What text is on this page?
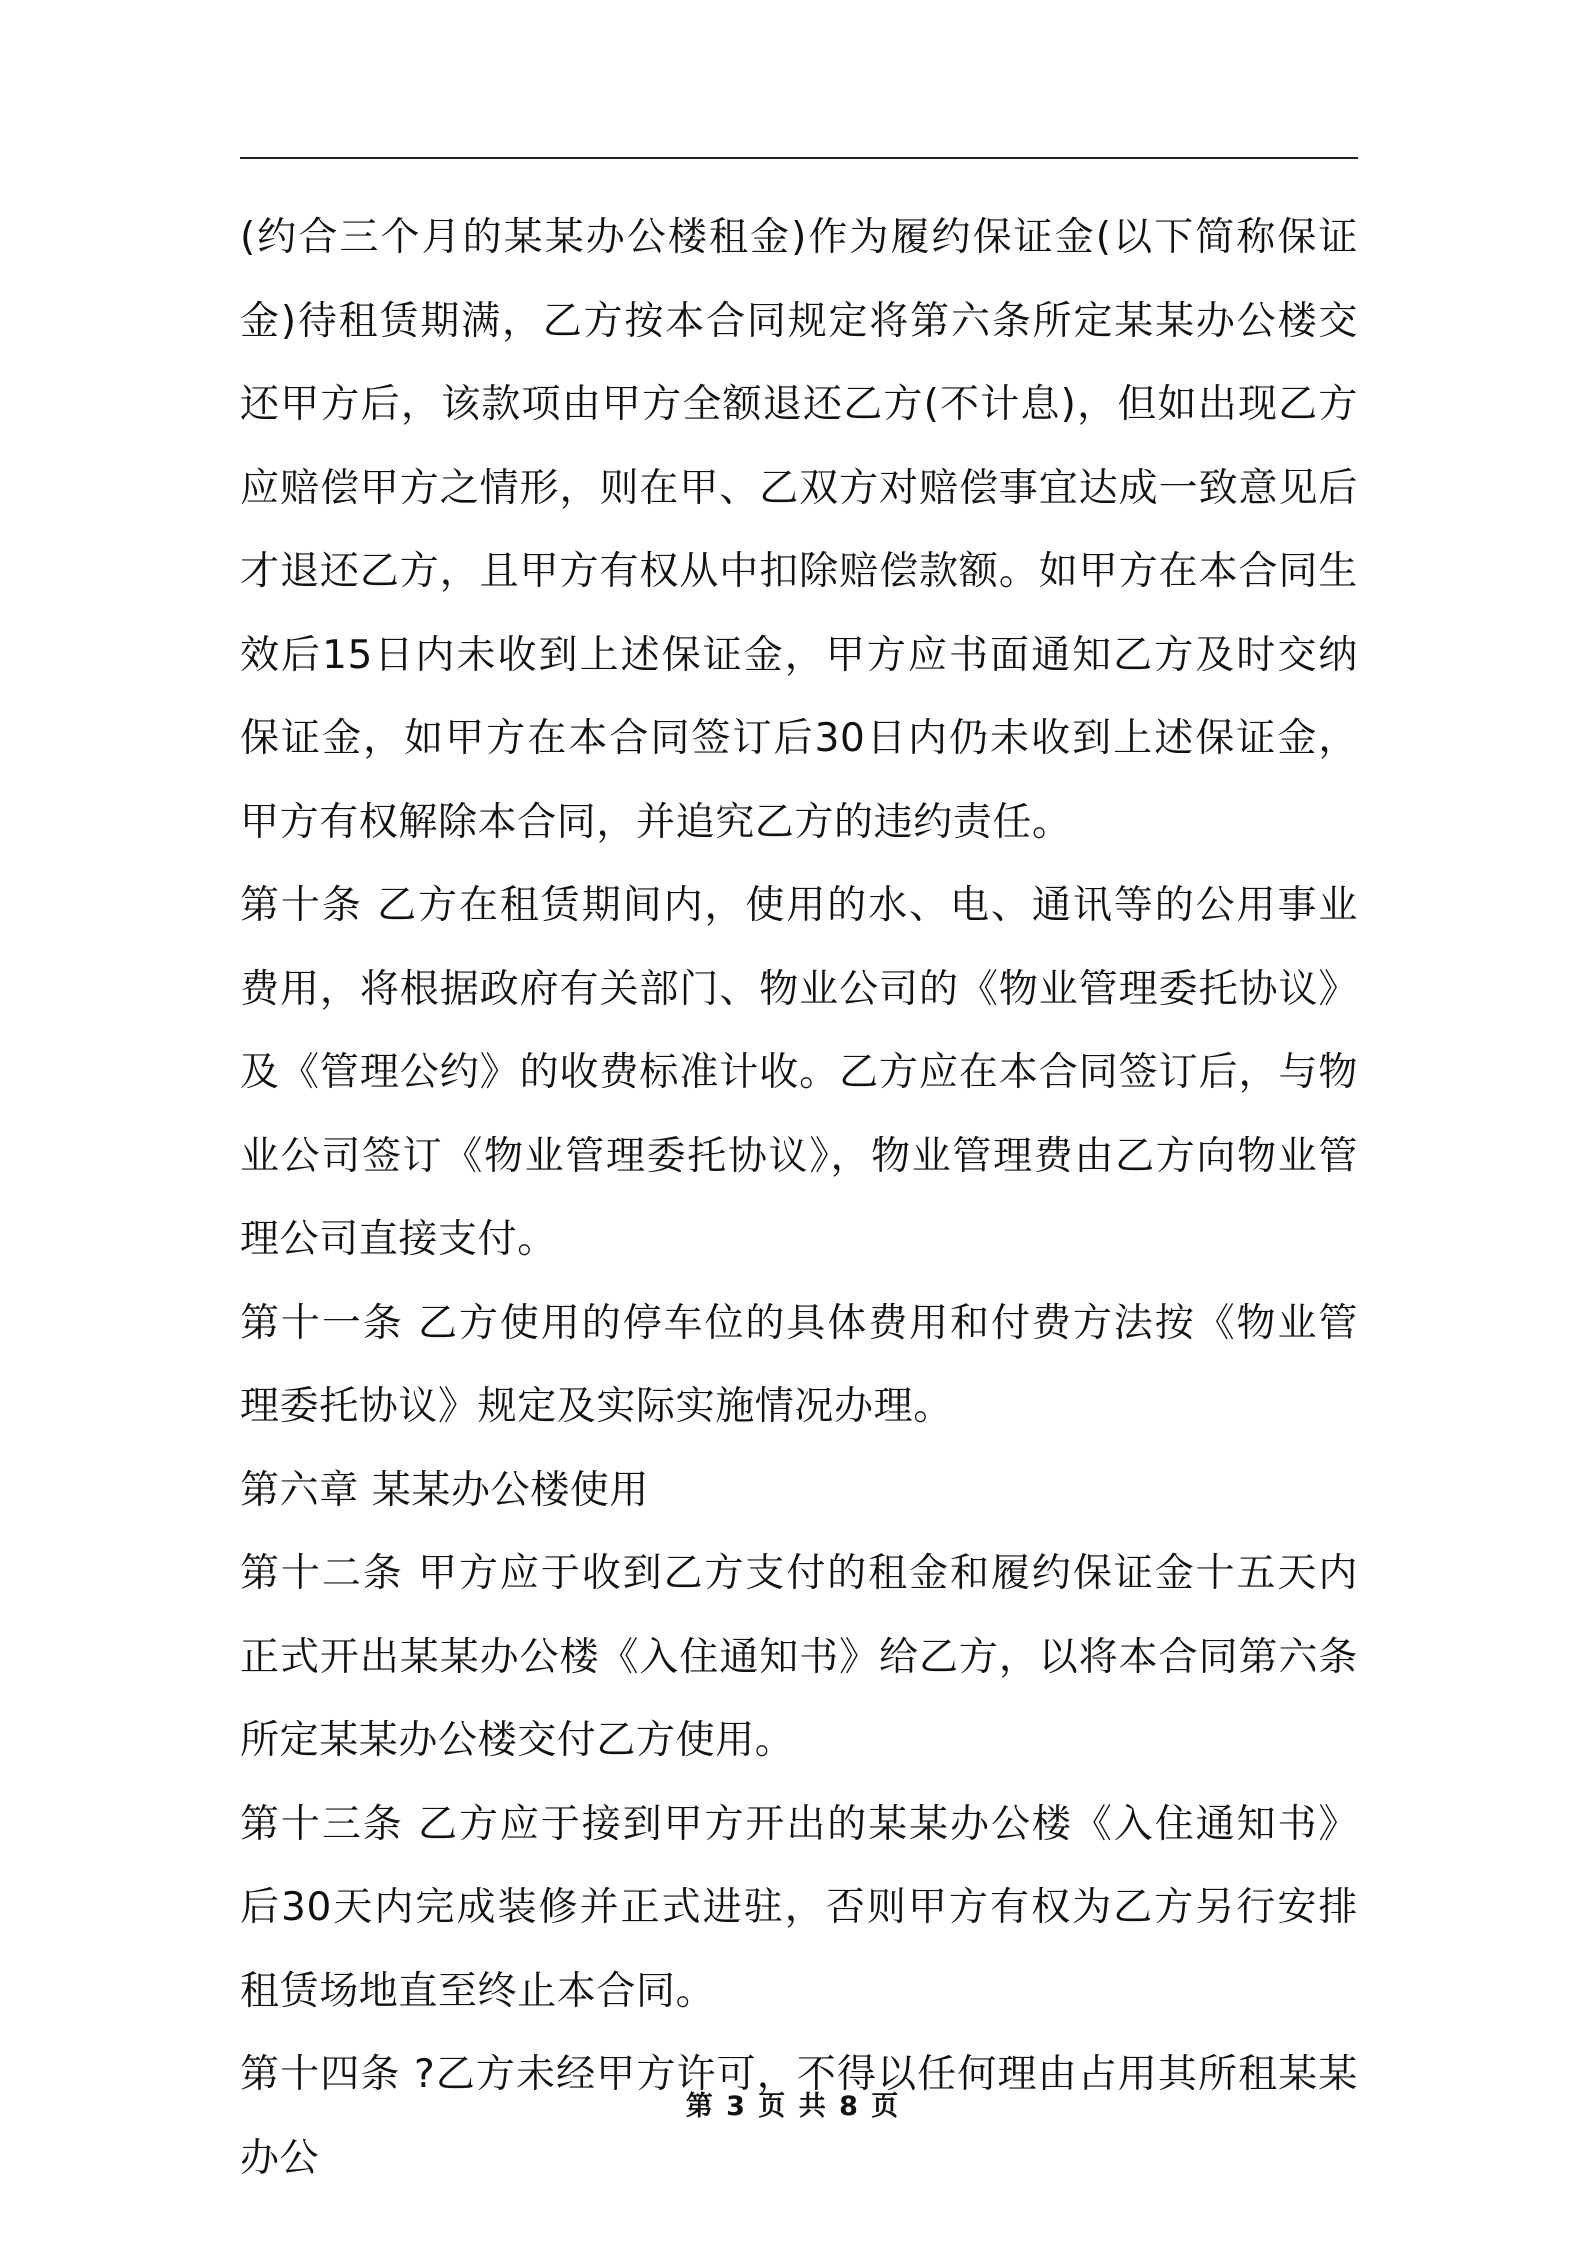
(约合三个月的某某办公楼租金)作为履约保证金(以下简称保证金)待租赁期满，乙方按本合同规定将第六条所定某某办公楼交还甲方后，该款项由甲方全额退还乙方(不计息)，但如出现乙方应赔偿甲方之情形，则在甲、乙双方对赔偿事宜达成一致意见后才退还乙方，且甲方有权从中扣除赔偿款额。如甲方在本合同生效后15日内未收到上述保证金，甲方应书面通知乙方及时交纳保证金，如甲方在本合同签订后30日内仍未收到上述保证金，甲方有权解除本合同，并追究乙方的违约责任。

第十条 乙方在租赁期间内，使用的水、电、通讯等的公用事业费用，将根据政府有关部门、物业公司的《物业管理委托协议》及《管理公约》的收费标准计收。乙方应在本合同签订后，与物业公司签订《物业管理委托协议》，物业管理费由乙方向物业管理公司直接支付。

第十一条 乙方使用的停车位的具体费用和付费方法按《物业管理委托协议》规定及实际实施情况办理。

第六章 某某办公楼使用

第十二条 甲方应于收到乙方支付的租金和履约保证金十五天内正式开出某某办公楼《入住通知书》给乙方，以将本合同第六条所定某某办公楼交付乙方使用。

第十三条 乙方应于接到甲方开出的某某办公楼《入住通知书》后30天内完成装修并正式进驻，否则甲方有权为乙方另行安排租赁场地直至终止本合同。

第十四条 ?乙方未经甲方许可，不得以任何理由占用其所租某某办公

第 3 页 共 8 页
